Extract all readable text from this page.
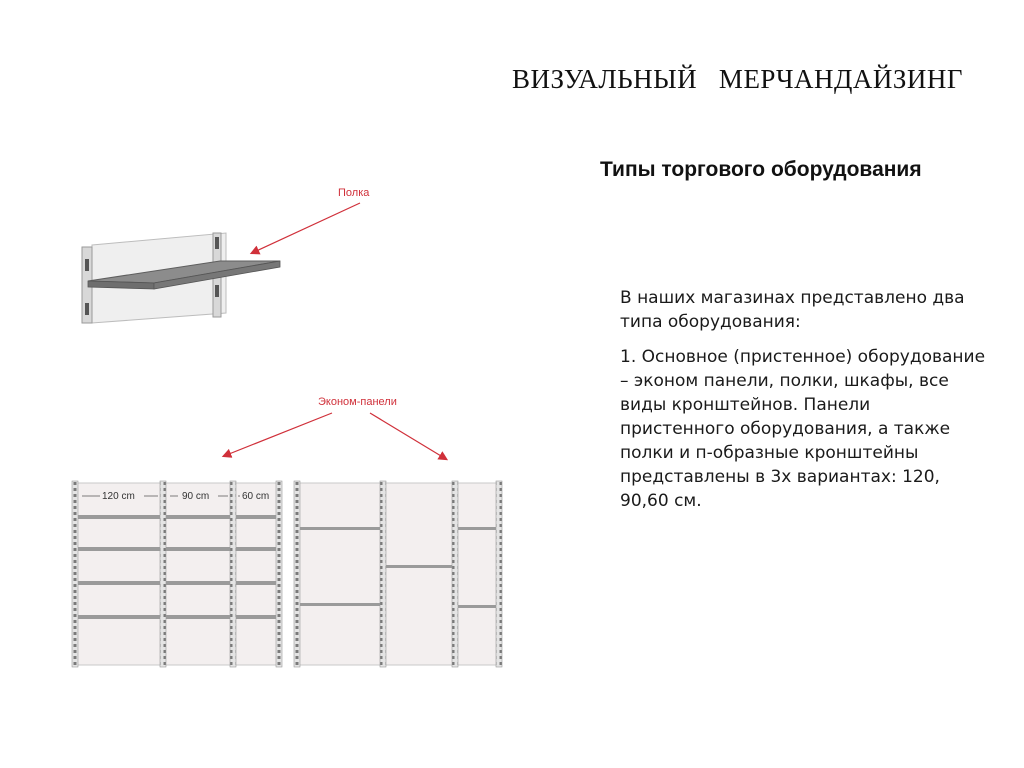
ВИЗУАЛЬНЫЙ   МЕРЧАНДАЙЗИНГ
Типы торгового оборудования

В наших магазинах представлено два типа оборудования:

1. Основное (пристенное) оборудование – эконом панели, полки, шкафы, все виды кронштейнов. Панели пристенного оборудования, а также полки и п-образные кронштейны представлены в 3х вариантах: 120, 90,60 см.

Полка
Эконом-панели
120 cm	90 cm	60 cm
